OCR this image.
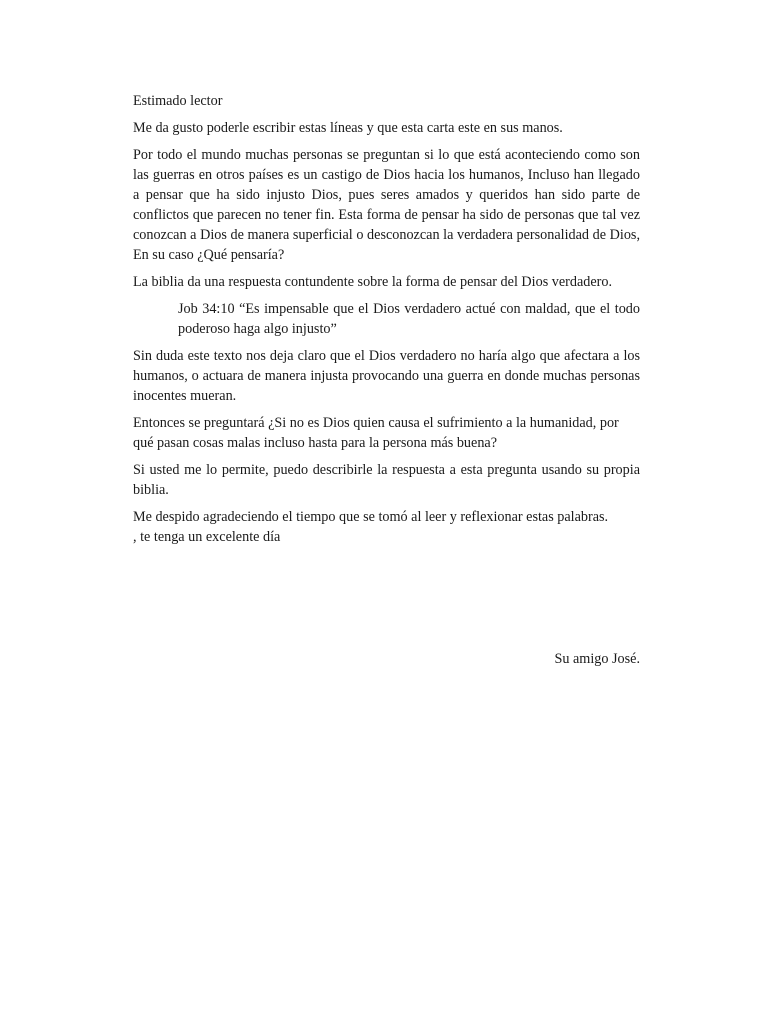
Estimado lector

Me da gusto poderle escribir estas líneas y que esta carta este en sus manos.

Por todo el mundo muchas personas se preguntan si lo que está aconteciendo como son las guerras en otros países es un castigo de Dios hacia los humanos, Incluso han llegado a pensar que ha sido injusto Dios, pues seres amados y queridos han sido parte de conflictos que parecen no tener fin. Esta forma de pensar ha sido de personas que tal vez conozcan a Dios de manera superficial o desconozcan la verdadera personalidad de Dios, En su caso ¿Qué pensaría?

La biblia da una respuesta contundente sobre la forma de pensar del Dios verdadero.

Job 34:10 “Es impensable que el Dios verdadero actué con maldad, que el todo poderoso haga algo injusto”

Sin duda este texto nos deja claro que el Dios verdadero no haría algo que afectara a los humanos, o actuara de manera injusta provocando una guerra en donde muchas personas inocentes mueran.

Entonces se preguntará ¿Si no es Dios quien causa el sufrimiento a la humanidad, por qué pasan cosas malas incluso hasta para la persona más buena?

Si usted me lo permite, puedo describirle la respuesta a esta pregunta usando su propia biblia.

Me despido agradeciendo el tiempo que se tomó al leer y reflexionar estas palabras.

, te tenga un excelente día

Su amigo José.
